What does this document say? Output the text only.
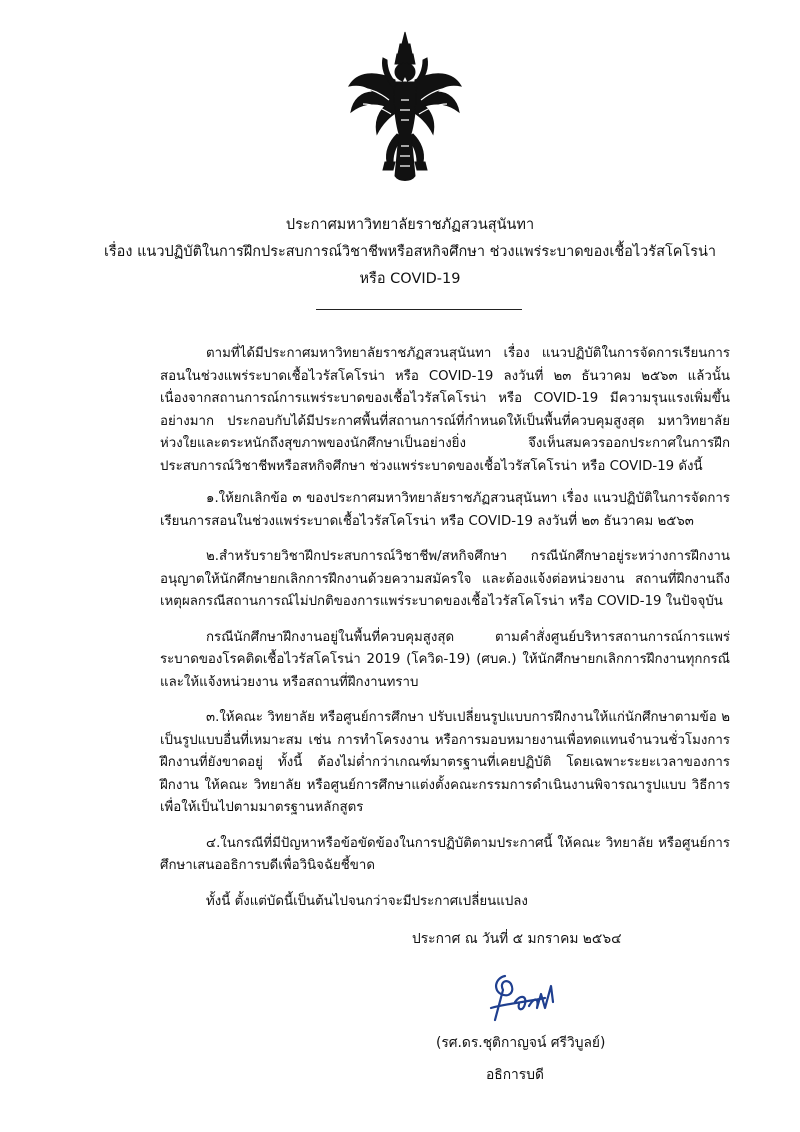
ประกาศมหาวิทยาลัยราชภัฏสวนสุนันทา
เรื่อง แนวปฏิบัติในการฝึกประสบการณ์วิชาชีพหรือสหกิจศึกษา ช่วงแพร่ระบาดของเชื้อไวรัสโคโรน่า
หรือ COVID-19

ตามที่ได้มีประกาศมหาวิทยาลัยราชภัฏสวนสุนันทา เรื่อง แนวปฏิบัติในการจัดการเรียนการสอนในช่วงแพร่ระบาดเชื้อไวรัสโคโรน่า หรือ COVID-19 ลงวันที่ ๒๓ ธันวาคม ๒๕๖๓ แล้วนั้น เนื่องจากสถานการณ์การแพร่ระบาดของเชื้อไวรัสโคโรน่า หรือ COVID-19 มีความรุนแรงเพิ่มขึ้นอย่างมาก ประกอบกับได้มีประกาศพื้นที่สถานการณ์ที่กำหนดให้เป็นพื้นที่ควบคุมสูงสุด มหาวิทยาลัยห่วงใยและตระหนักถึงสุขภาพของนักศึกษาเป็นอย่างยิ่ง จึงเห็นสมควรออกประกาศในการฝึกประสบการณ์วิชาชีพหรือสหกิจศึกษา ช่วงแพร่ระบาดของเชื้อไวรัสโคโรน่า หรือ COVID-19 ดังนี้

๑.ให้ยกเลิกข้อ ๓ ของประกาศมหาวิทยาลัยราชภัฏสวนสุนันทา เรื่อง แนวปฏิบัติในการจัดการเรียนการสอนในช่วงแพร่ระบาดเชื้อไวรัสโคโรน่า หรือ COVID-19 ลงวันที่ ๒๓ ธันวาคม ๒๕๖๓

๒.สำหรับรายวิชาฝึกประสบการณ์วิชาชีพ/สหกิจศึกษา กรณีนักศึกษาอยู่ระหว่างการฝึกงาน อนุญาตให้นักศึกษายกเลิกการฝึกงานด้วยความสมัครใจ และต้องแจ้งต่อหน่วยงาน สถานที่ฝึกงานถึงเหตุผลกรณีสถานการณ์ไม่ปกติของการแพร่ระบาดของเชื้อไวรัสโคโรน่า หรือ COVID-19 ในปัจจุบัน

กรณีนักศึกษาฝึกงานอยู่ในพื้นที่ควบคุมสูงสุด ตามคำสั่งศูนย์บริหารสถานการณ์การแพร่ระบาดของโรคติดเชื้อไวรัสโคโรน่า 2019 (โควิด-19) (ศบค.) ให้นักศึกษายกเลิกการฝึกงานทุกกรณี และให้แจ้งหน่วยงาน หรือสถานที่ฝึกงานทราบ

๓.ให้คณะ วิทยาลัย หรือศูนย์การศึกษา ปรับเปลี่ยนรูปแบบการฝึกงานให้แก่นักศึกษาตามข้อ ๒ เป็นรูปแบบอื่นที่เหมาะสม เช่น การทำโครงงาน หรือการมอบหมายงานเพื่อทดแทนจำนวนชั่วโมงการฝึกงานที่ยังขาดอยู่ ทั้งนี้ ต้องไม่ต่ำกว่าเกณฑ์มาตรฐานที่เคยปฏิบัติ โดยเฉพาะระยะเวลาของการฝึกงาน ให้คณะ วิทยาลัย หรือศูนย์การศึกษาแต่งตั้งคณะกรรมการดำเนินงานพิจารณารูปแบบ วิธีการ เพื่อให้เป็นไปตามมาตรฐานหลักสูตร

๔.ในกรณีที่มีปัญหาหรือข้อขัดข้องในการปฏิบัติตามประกาศนี้ ให้คณะ วิทยาลัย หรือศูนย์การศึกษาเสนออธิการบดีเพื่อวินิจฉัยชี้ขาด

ทั้งนี้ ตั้งแต่บัดนี้เป็นต้นไปจนกว่าจะมีประกาศเปลี่ยนแปลง

ประกาศ ณ วันที่ ๕ มกราคม ๒๕๖๔
(รศ.ดร.ชุติกาญจน์ ศรีวิบูลย์)
อธิการบดี
